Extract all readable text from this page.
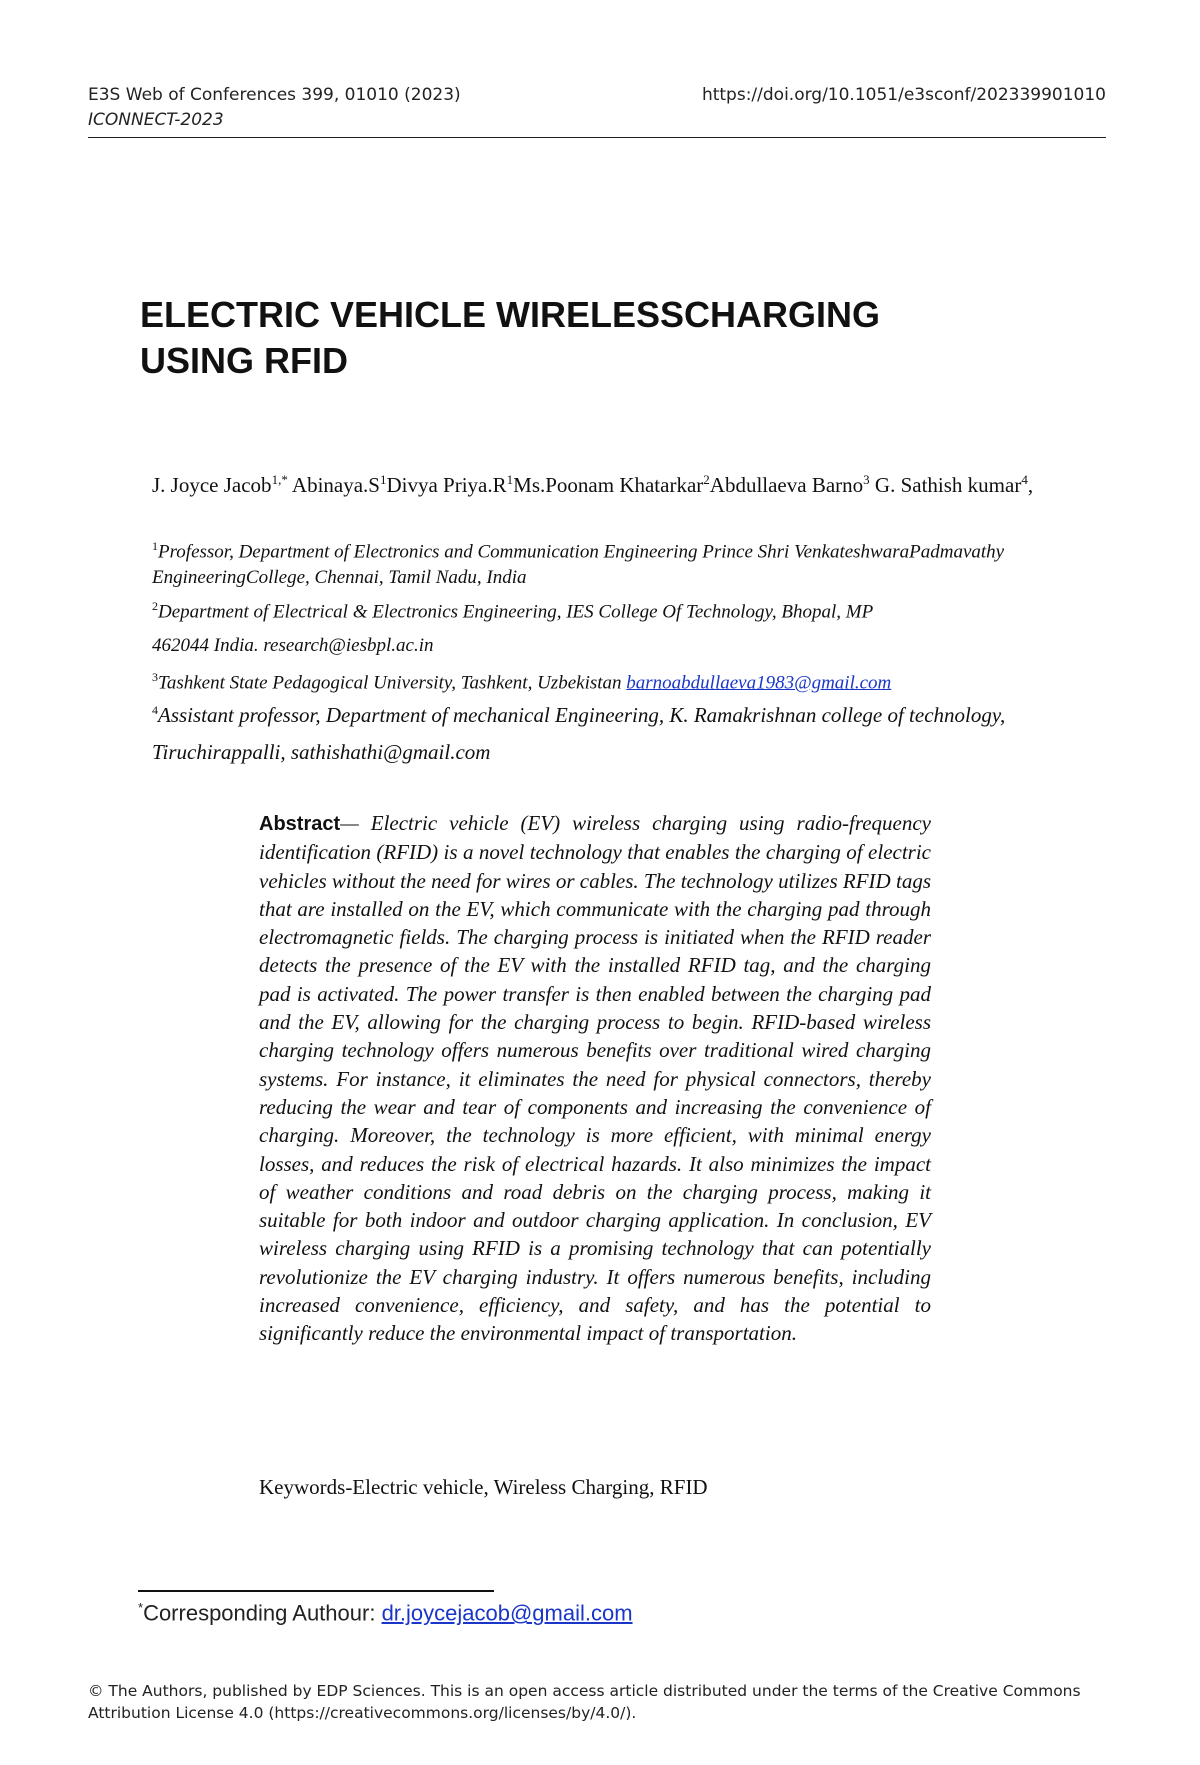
E3S Web of Conferences 399, 01010 (2023)
ICONNECT-2023
https://doi.org/10.1051/e3sconf/202339901010
ELECTRIC VEHICLE WIRELESSCHARGING
USING RFID
J. Joyce Jacob$^{1,*}$ $Abinaya.S^1Divya$ $Priya.R^1Ms.Poonam$ Khatarkar$^2$Abdullaeva Barno$^3$ G. Sathish kumar$^4$,
$^1$Professor, Department of Electronics and Communication Engineering Prince Shri VenkateshwaraPadmavathy EngineeringCollege, Chennai, Tamil Nadu, India
$^2$Department of Electrical & Electronics Engineering, IES College Of Technology, Bhopal, MP
462044 India. research@iesbpl.ac.in
$^3$Tashkent State Pedagogical University, Tashkent, Uzbekistan barnoabdullaeva1983@gmail.com
$^4$Assistant professor, Department of mechanical Engineering, K. Ramakrishnan college of technology, Tiruchirappalli, sathishathi@gmail.com
Abstract— Electric vehicle (EV) wireless charging using radio-frequency identification (RFID) is a novel technology that enables the charging of electric vehicles without the need for wires or cables. The technology utilizes RFID tags that are installed on the EV, which communicate with the charging pad through electromagnetic fields. The charging process is initiated when the RFID reader detects the presence of the EV with the installed RFID tag, and the charging pad is activated. The power transfer is then enabled between the charging pad and the EV, allowing for the charging process to begin. RFID-based wireless charging technology offers numerous benefits over traditional wired charging systems. For instance, it eliminates the need for physical connectors, thereby reducing the wear and tear of components and increasing the convenience of charging. Moreover, the technology is more efficient, with minimal energy losses, and reduces the risk of electrical hazards. It also minimizes the impact of weather conditions and road debris on the charging process, making it suitable for both indoor and outdoor charging application. In conclusion, EV wireless charging using RFID is a promising technology that can potentially revolutionize the EV charging industry. It offers numerous benefits, including increased convenience, efficiency, and safety, and has the potential to significantly reduce the environmental impact of transportation.
Keywords-Electric vehicle, Wireless Charging, RFID
*Corresponding Authour: dr.joycejacob@gmail.com
© The Authors, published by EDP Sciences. This is an open access article distributed under the terms of the Creative Commons Attribution License 4.0 (https://creativecommons.org/licenses/by/4.0/).
